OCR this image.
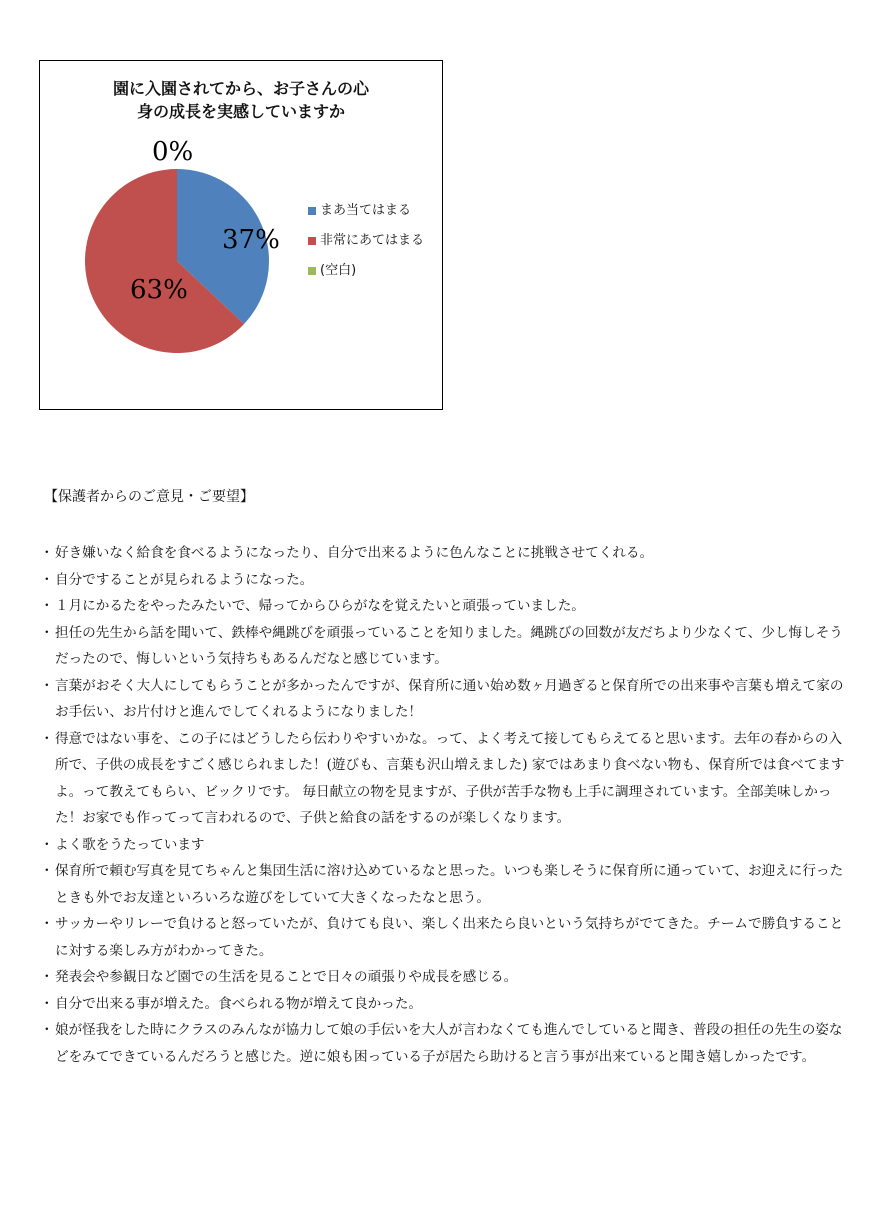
37%
63%
0%
園に入園されてから、お子さんの心
身の成長を実感していますか
まあ当てはまる
非常にあてはまる
(空白)
【保護者からのご意見・ご要望】
・ 好き嫌いなく給食を食べるようになったり、自分で出来るように色んなことに挑戦させてくれる。
・ 自分ですることが見られるようになった。
・ １月にかるたをやったみたいで、帰ってからひらがなを覚えたいと頑張っていました。
・ 担任の先生から話を聞いて、鉄棒や縄跳びを頑張っていることを知りました。縄跳びの回数が友だちより少なくて、少し悔しそうだったので、悔しいという気持ちもあるんだなと感じています。
・ 言葉がおそく大人にしてもらうことが多かったんですが、保育所に通い始め数ヶ月過ぎると保育所での出来事や言葉も増えて家のお手伝い、お片付けと進んでしてくれるようになりました！
・ 得意ではない事を、この子にはどうしたら伝わりやすいかな。って、よく考えて接してもらえてると思います。去年の春からの入所で、子供の成長をすごく感じられました！(遊びも、言葉も沢山増えました) 家ではあまり食べない物も、保育所では食べてますよ。って教えてもらい、ビックリです。 毎日献立の物を見ますが、子供が苦手な物も上手に調理されています。全部美味しかった！お家でも作ってって言われるので、子供と給食の話をするのが楽しくなります。
・ よく歌をうたっています
・ 保育所で頼む写真を見てちゃんと集団生活に溶け込めているなと思った。いつも楽しそうに保育所に通っていて、お迎えに行ったときも外でお友達といろいろな遊びをしていて大きくなったなと思う。
・ サッカーやリレーで負けると怒っていたが、負けても良い、楽しく出来たら良いという気持ちがでてきた。チームで勝負することに対する楽しみ方がわかってきた。
・ 発表会や参観日など園での生活を見ることで日々の頑張りや成長を感じる。
・ 自分で出来る事が増えた。食べられる物が増えて良かった。
・ 娘が怪我をした時にクラスのみんなが協力して娘の手伝いを大人が言わなくても進んでしていると聞き、普段の担任の先生の姿などをみてできているんだろうと感じた。逆に娘も困っている子が居たら助けると言う事が出来ていると聞き嬉しかったです。
